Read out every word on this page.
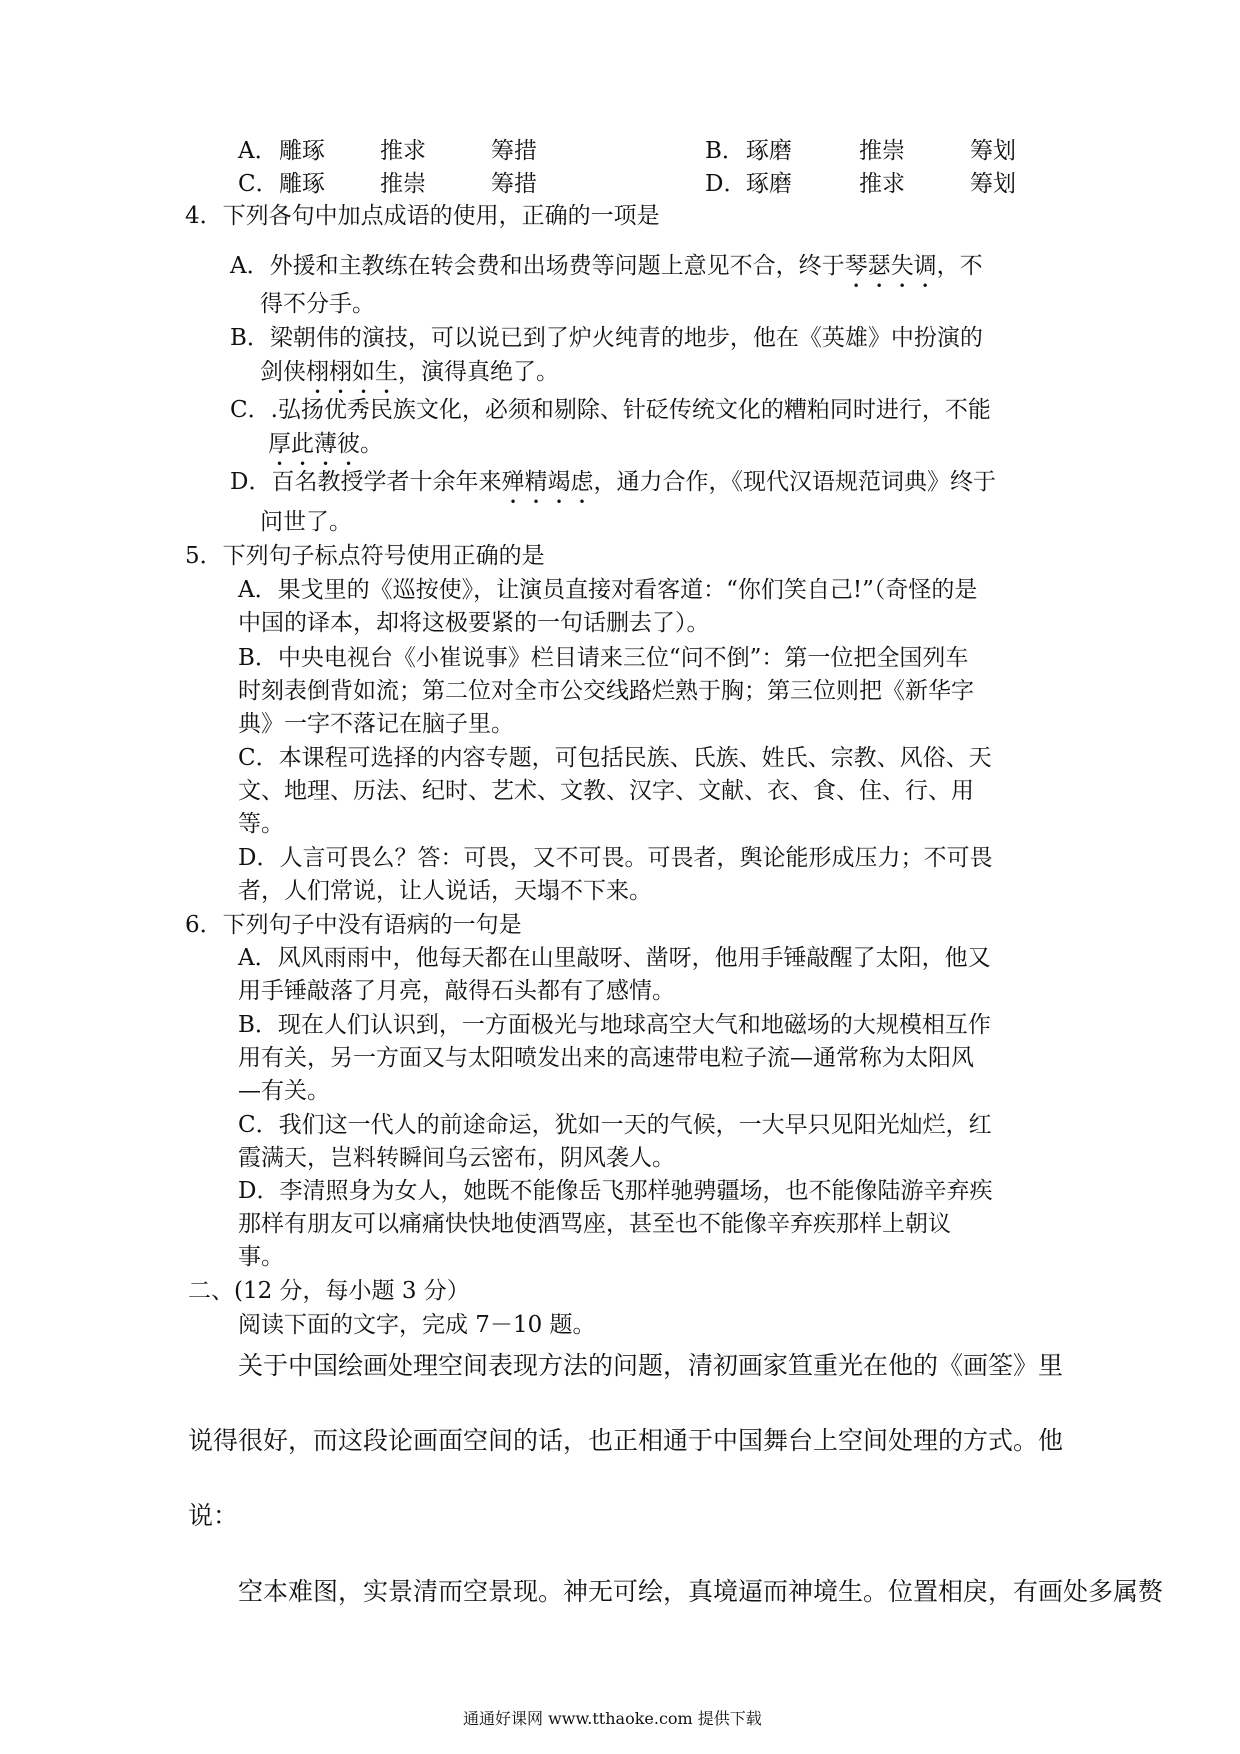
A． 雕琢 推求	筹措	B． 琢磨	推崇	筹划
C． 雕琢 推崇	筹措	D． 琢磨	推求	筹划
4．下列各句中加点成语的使用，正确的一项是
A．外援和主教练在转会费和出场费等问题上意见不合，终于琴瑟失调，不
得不分手。
B．梁朝伟的演技，可以说已到了炉火纯青的地步，他在《英雄》中扮演的
剑侠栩栩如生，演得真绝了。
C．.弘扬优秀民族文化，必须和剔除、针砭传统文化的糟粕同时进行，不能
厚此薄彼。
D．百名教授学者十余年来殚精竭虑，通力合作，《现代汉语规范词典》终于
问世了。
5．下列句子标点符号使用正确的是
A．果戈里的《巡按使》，让演员直接对看客道：“你们笑自己!”（奇怪的是
中国的译本，却将这极要紧的一句话删去了）。
B．中央电视台《小崔说事》栏目请来三位“问不倒”：第一位把全国列车
时刻表倒背如流；第二位对全市公交线路烂熟于胸；第三位则把《新华字
典》一字不落记在脑子里。
C．本课程可选择的内容专题，可包括民族、氏族、姓氏、宗教、风俗、天
文、地理、历法、纪时、艺术、文教、汉字、文献、衣、食、住、行、用
等。
D．人言可畏么？答：可畏，又不可畏。可畏者，舆论能形成压力；不可畏
者，人们常说，让人说话，天塌不下来。
6．下列句子中没有语病的一句是
A．风风雨雨中，他每天都在山里敲呀、凿呀，他用手锤敲醒了太阳，他又
用手锤敲落了月亮，敲得石头都有了感情。
B．现在人们认识到，一方面极光与地球高空大气和地磁场的大规模相互作
用有关，另一方面又与太阳喷发出来的高速带电粒子流—通常称为太阳风
—有关。
C．我们这一代人的前途命运，犹如一天的气候，一大早只见阳光灿烂，红
霞满天，岂料转瞬间乌云密布，阴风袭人。
D．李清照身为女人，她既不能像岳飞那样驰骋疆场，也不能像陆游辛弃疾
那样有朋友可以痛痛快快地使酒骂座，甚至也不能像辛弃疾那样上朝议
事。
二、(12 分，每小题 3 分）
阅读下面的文字，完成 7－10 题。
关于中国绘画处理空间表现方法的问题，清初画家笪重光在他的《画筌》里
说得很好，而这段论画面空间的话，也正相通于中国舞台上空间处理的方式。他
说：
空本难图，实景清而空景现。神无可绘，真境逼而神境生。位置相戾，有画处多属赘
通通好课网 www.tthaoke.com 提供下载
